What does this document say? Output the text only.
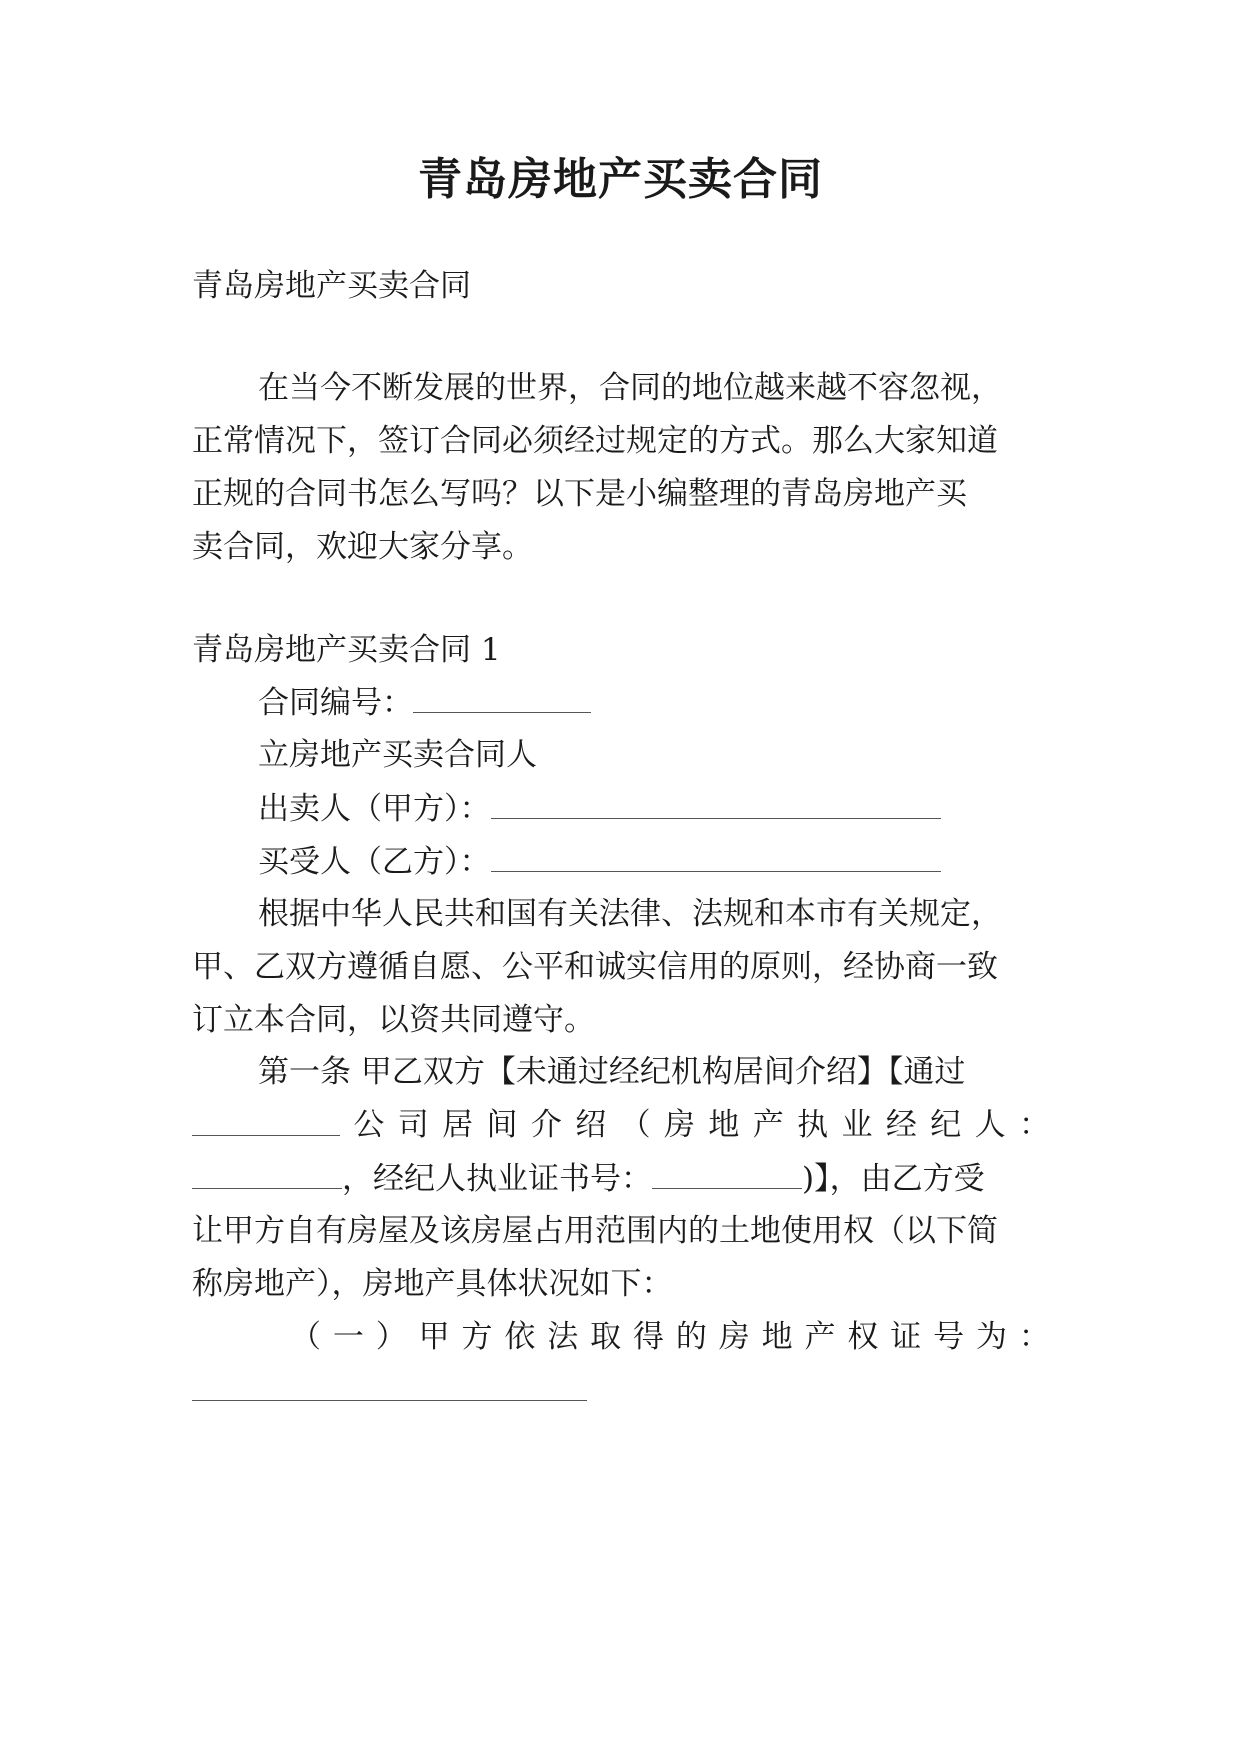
青岛房地产买卖合同
青岛房地产买卖合同
在当今不断发展的世界，合同的地位越来越不容忽视，
正常情况下，签订合同必须经过规定的方式。那么大家知道
正规的合同书怎么写吗？以下是小编整理的青岛房地产买
卖合同，欢迎大家分享。
青岛房地产买卖合同 1
合同编号：
立房地产买卖合同人
出卖人（甲方）：
买受人（乙方）：
根据中华人民共和国有关法律、法规和本市有关规定，
甲、乙双方遵循自愿、公平和诚实信用的原则，经协商一致
订立本合同，以资共同遵守。
第一条 甲乙双方【未通过经纪机构居间介绍】【通过
公 司 居 间 介 绍 （ 房 地 产 执 业 经 纪 人 ：
，经纪人执业证书号：	)】，由乙方受
让甲方自有房屋及该房屋占用范围内的土地使用权（以下简
称房地产），房地产具体状况如下：
（ 一 ） 甲 方 依 法 取 得 的 房 地 产 权 证 号 为 ：
